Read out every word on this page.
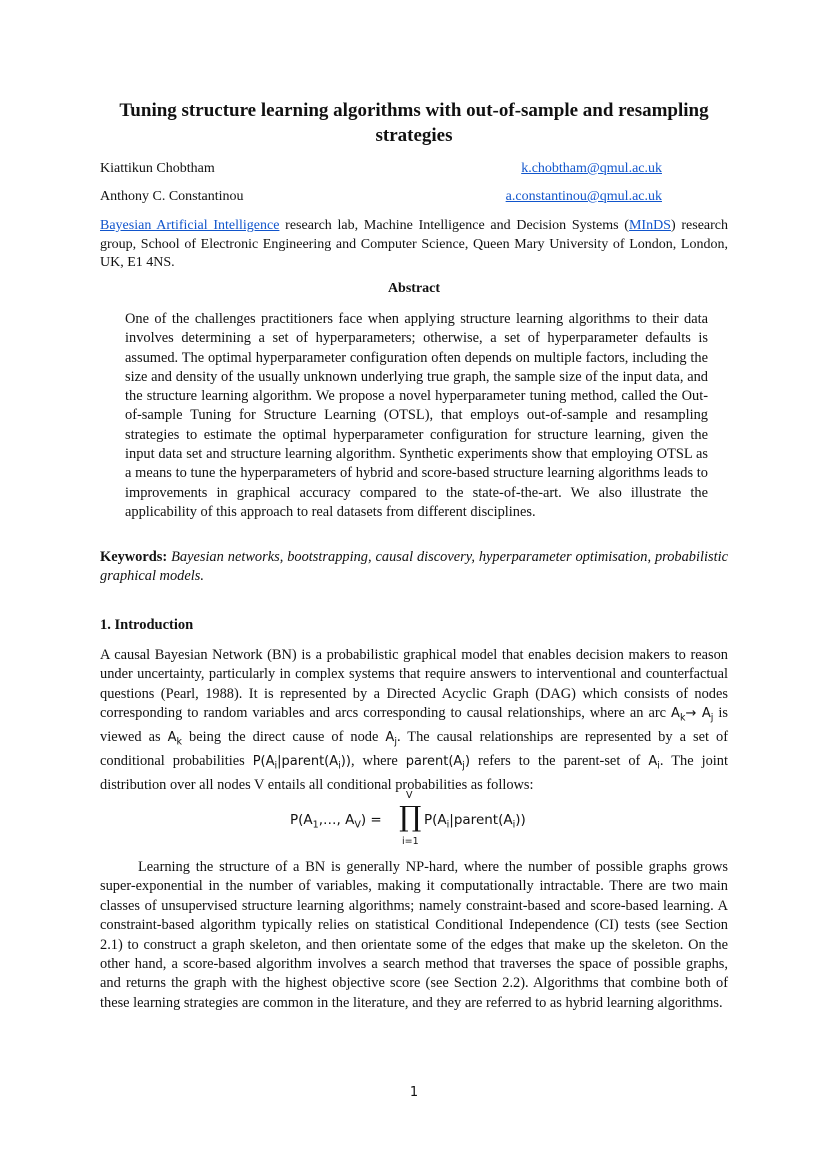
Tuning structure learning algorithms with out-of-sample and resampling strategies
Kiattikun Chobtham	k.chobtham@qmul.ac.uk
Anthony C. Constantinou	a.constantinou@qmul.ac.uk
Bayesian Artificial Intelligence research lab, Machine Intelligence and Decision Systems (MInDS) research group, School of Electronic Engineering and Computer Science, Queen Mary University of London, London, UK, E1 4NS.
Abstract
One of the challenges practitioners face when applying structure learning algorithms to their data involves determining a set of hyperparameters; otherwise, a set of hyperparameter defaults is assumed. The optimal hyperparameter configuration often depends on multiple factors, including the size and density of the usually unknown underlying true graph, the sample size of the input data, and the structure learning algorithm. We propose a novel hyperparameter tuning method, called the Out-of-sample Tuning for Structure Learning (OTSL), that employs out-of-sample and resampling strategies to estimate the optimal hyperparameter configuration for structure learning, given the input data set and structure learning algorithm. Synthetic experiments show that employing OTSL as a means to tune the hyperparameters of hybrid and score-based structure learning algorithms leads to improvements in graphical accuracy compared to the state-of-the-art. We also illustrate the applicability of this approach to real datasets from different disciplines.
Keywords: Bayesian networks, bootstrapping, causal discovery, hyperparameter optimisation, probabilistic graphical models.
1. Introduction
A causal Bayesian Network (BN) is a probabilistic graphical model that enables decision makers to reason under uncertainty, particularly in complex systems that require answers to interventional and counterfactual questions (Pearl, 1988). It is represented by a Directed Acyclic Graph (DAG) which consists of nodes corresponding to random variables and arcs corresponding to causal relationships, where an arc $A_k\to A_j$ is viewed as $A_k$ being the direct cause of node $A_j$. The causal relationships are represented by a set of conditional probabilities $P(A_i|parent(A_i))$, where $parent(A_j)$ refers to the parent-set of $A_i$. The joint distribution over all nodes V entails all conditional probabilities as follows:
$P(A_1,\dots$, $A_V$) =
V
∏
i=1
$P(A_i|parent(A_i))$
Learning the structure of a BN is generally NP-hard, where the number of possible graphs grows super-exponential in the number of variables, making it computationally intractable. There are two main classes of unsupervised structure learning algorithms; namely constraint-based and score-based learning. A constraint-based algorithm typically relies on statistical Conditional Independence (CI) tests (see Section 2.1) to construct a graph skeleton, and then orientate some of the edges that make up the skeleton. On the other hand, a score-based algorithm involves a search method that traverses the space of possible graphs, and returns the graph with the highest objective score (see Section 2.2). Algorithms that combine both of these learning strategies are common in the literature, and they are referred to as hybrid learning algorithms.
1
